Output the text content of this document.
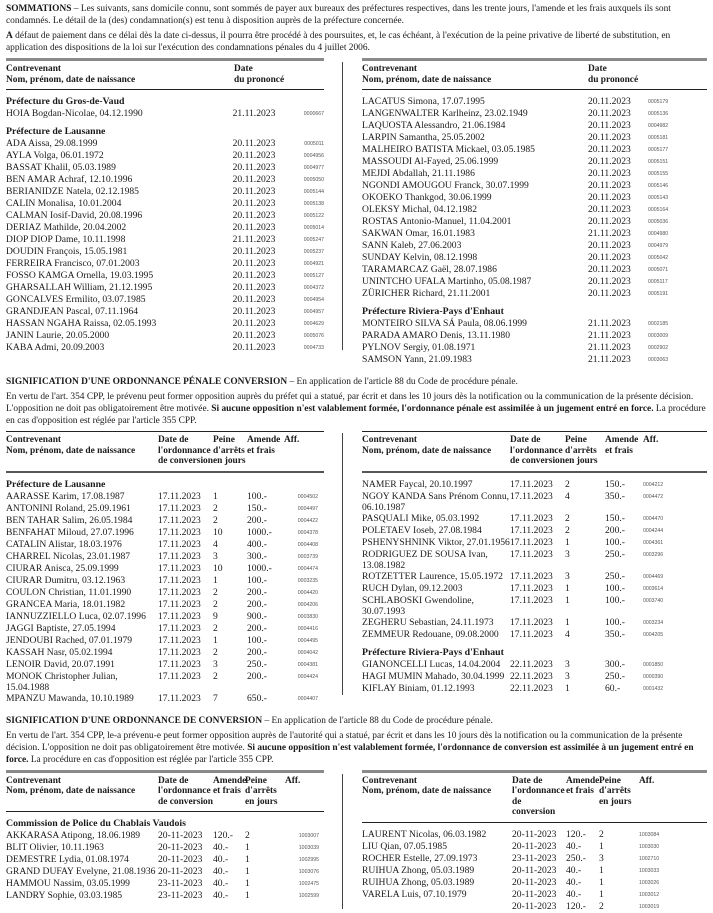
SOMMATIONS – Les suivants, sans domicile connu, sont sommés de payer aux bureaux des préfectures respectives, dans les trente jours, l'amende et les frais auxquels ils sont condamnés. Le détail de la (des) condamnation(s) est tenu à disposition auprès de la préfecture concernée.

A défaut de paiement dans ce délai dès la date ci-dessus, il pourra être procédé à des poursuites, et, le cas échéant, à l'exécution de la peine privative de liberté de substitution, en application des dispositions de la loi sur l'exécution des condamnations pénales du 4 juillet 2006.

Contrevenant
Nom, prénom, date de naissance
Date
du prononcé
Préfecture du Gros-de-Vaud
HOIA Bogdan-Nicolae, 04.12.1990	21.11.2023	0000667
Préfecture de Lausanne
ADA Aissa, 29.08.1999	20.11.2023	0005011
AYLA Volga, 06.01.1972	20.11.2023	0004956
BASSAT Khalil, 05.03.1989	20.11.2023	0004977
BEN AMAR Achraf, 12.10.1996	20.11.2023	0005050
BERIANIDZE Natela, 02.12.1985	20.11.2023	0005144
CALIN Monalisa, 10.01.2004	20.11.2023	0005138
CALMAN Iosif-David, 20.08.1996	20.11.2023	0005122
DERIAZ Mathilde, 20.04.2002	20.11.2023	0005014
DIOP DIOP Dame, 10.11.1998	21.11.2023	0005247
DOUDIN François, 15.05.1981	20.11.2023	0005237
FERREIRA Francisco, 07.01.2003	20.11.2023	0004921
FOSSO KAMGA Ornella, 19.03.1995	20.11.2023	0005127
GHARSALLAH William, 21.12.1995	20.11.2023	0004372
GONCALVES Ermilito, 03.07.1985	20.11.2023	0004954
GRANDJEAN Pascal, 07.11.1964	20.11.2023	0004957
HASSAN NGAHA Raissa, 02.05.1993	20.11.2023	0004629
JANIN Laurie, 20.05.2000	20.11.2023	0005076
KABA Admi, 20.09.2003	20.11.2023	0004733
Contrevenant
Nom, prénom, date de naissance
Date
du prononcé
LACATUS Simona, 17.07.1995	20.11.2023	0005179
LANGENWALTER Karlheinz, 23.02.1949	20.11.2023	0005136
LAQUOSTA Alessandro, 21.06.1984	20.11.2023	0004982
LARPIN Samantha, 25.05.2002	20.11.2023	0005181
MALHEIRO BATISTA Mickael, 03.05.1985	20.11.2023	0005177
MASSOUDI Al-Fayed, 25.06.1999	20.11.2023	0005151
MEJDI Abdallah, 21.11.1986	20.11.2023	0005155
NGONDI AMOUGOU Franck, 30.07.1999	20.11.2023	0005146
OKOEKO Thankgod, 30.06.1999	20.11.2023	0005143
OLEKSY Michal, 04.12.1982	20.11.2023	0005164
ROSTAS Antonio-Manuel, 11.04.2001	20.11.2023	0005036
SAKWAN Omar, 16.01.1983	21.11.2023	0004980
SANN Kaleb, 27.06.2003	20.11.2023	0004979
SUNDAY Kelvin, 08.12.1998	20.11.2023	0005042
TARAMARCAZ Gaël, 28.07.1986	20.11.2023	0005071
UNINTCHO UFALA Martinho, 05.08.1987	20.11.2023	0005117
ZÜRICHER Richard, 21.11.2001	20.11.2023	0005191
Préfecture Riviera-Pays d'Enhaut
MONTEIRO SILVA SÁ Paula, 08.06.1999	21.11.2023	0002185
PARADA AMARO Denis, 13.11.1980	21.11.2023	0003009
PYLNOV Sergiy, 01.08.1971	21.11.2023	0002902
SAMSON Yann, 21.09.1983	21.11.2023	0003063

SIGNIFICATION D'UNE ORDONNANCE PÉNALE CONVERSION – En application de l'article 88 du Code de procédure pénale.

En vertu de l'art. 354 CPP, le prévenu peut former opposition auprès du préfet qui a statué, par écrit et dans les 10 jours dès la notification ou la communication de la présente décision. L'opposition ne doit pas obligatoirement être motivée. Si aucune opposition n'est valablement formée, l'ordonnance pénale est assimilée à un jugement entré en force. La procédure en cas d'opposition est réglée par l'article 355 CPP.

Contrevenant
Nom, prénom, date de naissance
Date de
l'ordonnance
de conversion
Peine
d'arrêts
en jours
Amende
et frais
Aff.
Préfecture de Lausanne
AARASSE Karim, 17.08.1987	17.11.2023	1	100.-	0004502
ANTONINI Roland, 25.09.1961	17.11.2023	2	150.-	0004497
BEN TAHAR Salim, 26.05.1984	17.11.2023	2	200.-	0004422
BENFAHAT Miloud, 27.07.1996	17.11.2023	10	1000.-	0004378
CATALIN Alistar, 18.03.1976	17.11.2023	4	400.-	0004408
CHARREL Nicolas, 23.01.1987	17.11.2023	3	300.-	0003739
CIURAR Anisca, 25.09.1999	17.11.2023	10	1000.-	0004474
CIURAR Dumitru, 03.12.1963	17.11.2023	1	100.-	0003235
COULON Christian, 11.01.1990	17.11.2023	2	200.-	0004420
GRANCEA Maria, 18.01.1982	17.11.2023	2	200.-	0004206
IANNUZZIELLO Luca, 02.07.1996	17.11.2023	9	900.-	0003830
JAGGI Baptiste, 27.05.1994	17.11.2023	2	200.-	0004416
JENDOUBI Rached, 07.01.1979	17.11.2023	1	100.-	0004495
KASSAH Nasr, 05.02.1994	17.11.2023	2	200.-	0004042
LENOIR David, 20.07.1991	17.11.2023	3	250.-	0004381
MONOK Christopher Julian, 15.04.1988
17.11.2023	2	200.-	0004424
MPANZU Mawanda, 10.10.1989	17.11.2023	7	650.-	0004407
Contrevenant
Nom, prénom, date de naissance
Date de
l'ordonnance
de conversion
Peine
d'arrêts
en jours
Amende
et frais
Aff.
NAMER Faycal, 20.10.1997	17.11.2023	2	150.-	0004212
NGOY KANDA Sans Prénom Connu, 06.10.1987
17.11.2023	4	350.-	0004472
PASQUALI Mike, 05.03.1992	17.11.2023	2	150.-	0004470
POLETAEV Ioseb, 27.08.1984	17.11.2023	2	200.-	0004244
PSHENYSHNINK Viktor, 27.01.1956 17.11.2023	1	100.-	0004361
RODRIGUEZ DE SOUSA Ivan, 13.08.1982
17.11.2023	3	250.-	0003296
ROTZETTER Laurence, 15.05.1972 17.11.2023	3	250.-	0004469
RUCH Dylan, 09.12.2003	17.11.2023	1	100.-	0003614
SCHLABOSKI Gwendoline, 30.07.1993
17.11.2023	1	100.-	0003740
ZEGHERU Sebastian, 24.11.1973	17.11.2023	1	100.-	0003234
ZEMMEUR Redouane, 09.08.2000	17.11.2023	4	350.-	0004205
Préfecture Riviera-Pays d'Enhaut
GIANONCELLI Lucas, 14.04.2004	22.11.2023	3	300.-	0001850
HAGI MUMIN Mahado, 30.04.1999 22.11.2023	3	250.-	0000390
KIFLAY Biniam, 01.12.1993	22.11.2023	1	60.-	0001432

SIGNIFICATION D'UNE ORDONNANCE DE CONVERSION – En application de l'article 88 du Code de procédure pénale.

En vertu de l'art. 354 CPP, le-a prévenu-e peut former opposition auprès de l'autorité qui a statué, par écrit et dans les 10 jours dès la notification ou la communication de la présente décision. L'opposition ne doit pas obligatoirement être motivée. Si aucune opposition n'est valablement formée, l'ordonnance de conversion est assimilée à un jugement entré en force. La procédure en cas d'opposition est réglée par l'article 355 CPP.

Contrevenant
Nom, prénom, date de naissance
Date de
l'ordonnance
de conversion
Amende
et frais
Peine
d'arrêts
en jours
Aff.
Commission de Police du Chablais Vaudois
AKKARASA Atipong, 18.06.1989	20-11-2023	120.-	2	1003007
BLIT Olivier, 10.11.1963	20-11-2023	40.-	1	1003039
DEMESTRE Lydia, 01.08.1974	20-11-2023	40.-	1	1002995
GRAND DUFAY Evelyne, 21.08.1936 20-11-2023	40.-	1	1003076
HAMMOU Nassim, 03.05.1999	23-11-2023	40.-	1	1002475
LANDRY Sophie, 03.03.1985	23-11-2023	40.-	1	1002599
Contrevenant
Nom, prénom, date de naissance
Date de
l'ordonnance
de conversion
Amende
et frais
Peine
d'arrêts
en jours
Aff.
LAURENT Nicolas, 06.03.1982	20-11-2023 120.-	2	1003084
LIU Qian, 07.05.1985	20-11-2023 40.-	1	1003030
ROCHER Estelle, 27.09.1973	23-11-2023 250.-	3	1002710
RUIHUA Zhong, 05.03.1989	20-11-2023 40.-	1	1003033
RUIHUA Zhong, 05.03.1989	20-11-2023 40.-	1	1003026
VARELA Luis, 07.10.1979	20-11-2023 40.-	1	1003012
20-11-2023 120.-	2	1003019
